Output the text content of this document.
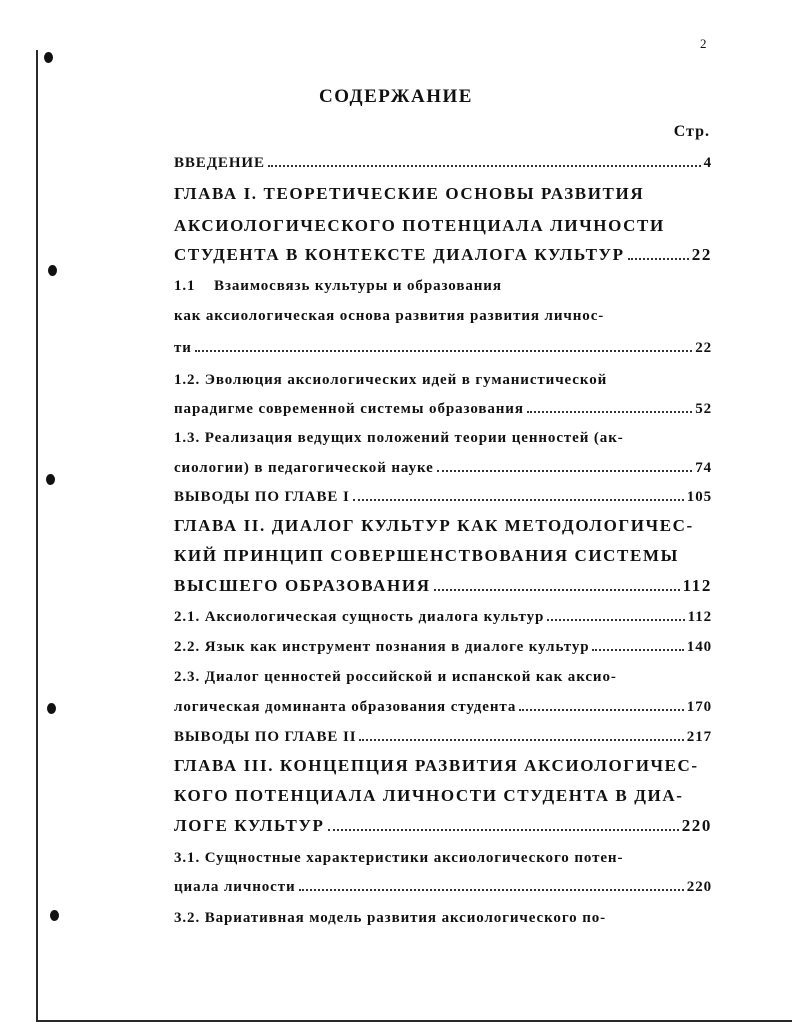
2
СОДЕРЖАНИЕ
Стр.
ВВЕДЕНИЕ	4
ГЛАВА I. ТЕОРЕТИЧЕСКИЕ ОСНОВЫ РАЗВИТИЯ
АКСИОЛОГИЧЕСКОГО ПОТЕНЦИАЛА ЛИЧНОСТИ
СТУДЕНТА В КОНТЕКСТЕ ДИАЛОГА КУЛЬТУР	22
1.1    Взаимосвязь культуры и образования
как аксиологическая основа развития развития личнос-
ти	22
1.2. Эволюция аксиологических идей в гуманистической
парадигме современной системы образования	52
1.3. Реализация ведущих положений теории ценностей (ак-
сиологии) в педагогической науке	74
ВЫВОДЫ ПО ГЛАВЕ I	105
ГЛАВА II. ДИАЛОГ КУЛЬТУР КАК МЕТОДОЛОГИЧЕС-
КИЙ ПРИНЦИП СОВЕРШЕНСТВОВАНИЯ СИСТЕМЫ
ВЫСШЕГО ОБРАЗОВАНИЯ	112
2.1. Аксиологическая сущность диалога культур	112
2.2. Язык как инструмент познания в диалоге культур	140
2.3. Диалог ценностей российской и испанской как аксио-
логическая доминанта образования студента	170
ВЫВОДЫ ПО ГЛАВЕ II	217
ГЛАВА III. КОНЦЕПЦИЯ РАЗВИТИЯ АКСИОЛОГИЧЕС-
КОГО ПОТЕНЦИАЛА ЛИЧНОСТИ СТУДЕНТА В ДИА-
ЛОГЕ КУЛЬТУР	220
3.1. Сущностные характеристики аксиологического потен-
циала личности	220
3.2. Вариативная модель развития аксиологического по-
